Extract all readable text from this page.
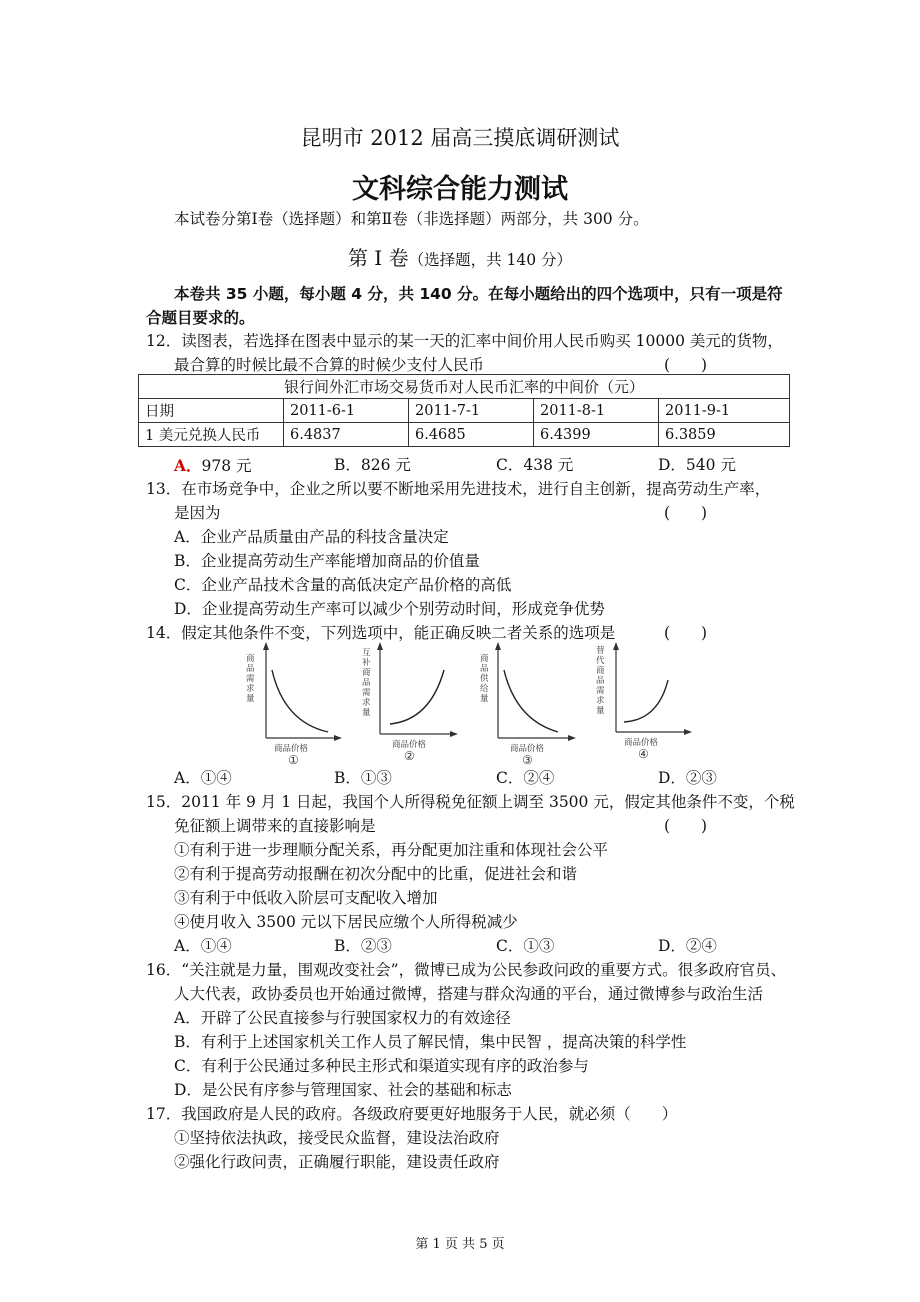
昆明市 2012 届高三摸底调研测试
文科综合能力测试
本试卷分第Ⅰ卷（选择题）和第Ⅱ卷（非选择题）两部分，共 300 分。
第 Ⅰ 卷（选择题，共 140 分）
本卷共 35 小题，每小题 4 分，共 140 分。在每小题给出的四个选项中，只有一项是符
合题目要求的。
12．读图表，若选择在图表中显示的某一天的汇率中间价用人民币购买 10000 美元的货物，
最合算的时候比最不合算的时候少支付人民币	(　　)
银行间外汇市场交易货币对人民币汇率的中间价（元）				
日期	2011-6-1	2011-7-1	2011-8-1	2011-9-1
1 美元兑换人民币	6.4837	6.4685	6.4399	6.3859
A．978 元	B．826 元	C．438 元	D．540 元
13．在市场竞争中，企业之所以要不断地采用先进技术，进行自主创新，提高劳动生产率，
是因为	(　　)
A．企业产品质量由产品的科技含量决定
B．企业提高劳动生产率能增加商品的价值量
C．企业产品技术含量的高低决定产品价格的高低
D．企业提高劳动生产率可以减少个别劳动时间，形成竞争优势
14．假定其他条件不变，下列选项中，能正确反映二者关系的选项是	(　　)
商品需求量
商品价格
①
互补商品需求量
商品价格
②
商品供给量
商品价格
③
替代商品需求量
商品价格
④
A．①④	B．①③	C．②④	D．②③
15．2011 年 9 月 1 日起，我国个人所得税免征额上调至 3500 元，假定其他条件不变，个税
免征额上调带来的直接影响是	(　　)
①有利于进一步理顺分配关系，再分配更加注重和体现社会公平
②有利于提高劳动报酬在初次分配中的比重，促进社会和谐
③有利于中低收入阶层可支配收入增加
④使月收入 3500 元以下居民应缴个人所得税减少
A．①④	B．②③	C．①③	D．②④
16．“关注就是力量，围观改变社会”，微博已成为公民参政问政的重要方式。很多政府官员、
人大代表，政协委员也开始通过微博，搭建与群众沟通的平台，通过微博参与政治生活
A．开辟了公民直接参与行驶国家权力的有效途径
B．有利于上述国家机关工作人员了解民情，集中民智 ，提高决策的科学性
C．有利于公民通过多种民主形式和渠道实现有序的政治参与
D．是公民有序参与管理国家、社会的基础和标志
17．我国政府是人民的政府。各级政府要更好地服务于人民，就必须（　　）
①坚持依法执政，接受民众监督，建设法治政府
②强化行政问责，正确履行职能，建设责任政府
第 1 页 共 5 页
